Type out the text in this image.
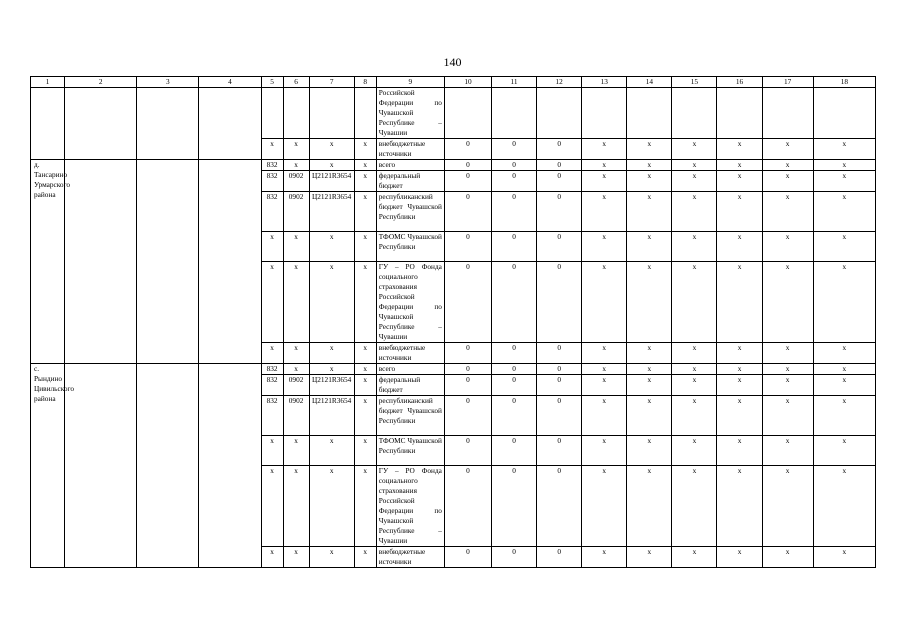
140
1	2	3	4	5	6	7	8	9	10	11	12	13	14	15	16	17	18
								Российской Федерации по Чувашской Республике – Чувашии									
				х	х	х	х	внебюджетные источники	0	0	0	х	х	х	х	х	х
д. Тансарино Урмарского района				832	х	х	х	всего	0	0	0	х	х	х	х	х	х
				832	0902	Ц2121R3654	х	федеральный бюджет	0	0	0	х	х	х	х	х	х
				832	0902	Ц2121R3654	х	республиканский бюджет Чувашской Республики	0	0	0	х	х	х	х	х	х
				х	х	х	х	ТФОМС Чувашской Республики	0	0	0	х	х	х	х	х	х
				х	х	х	х	ГУ – РО Фонда социального страхования Российской Федерации по Чувашской Республике – Чувашии	0	0	0	х	х	х	х	х	х
				х	х	х	х	внебюджетные источники	0	0	0	х	х	х	х	х	х
с. Рындино Цивильского района				832	х	х	х	всего	0	0	0	х	х	х	х	х	х
				832	0902	Ц2121R3654	х	федеральный бюджет	0	0	0	х	х	х	х	х	х
				832	0902	Ц2121R3654	х	республиканский бюджет Чувашской Республики	0	0	0	х	х	х	х	х	х
				х	х	х	х	ТФОМС Чувашской Республики	0	0	0	х	х	х	х	х	х
				х	х	х	х	ГУ – РО Фонда социального страхования Российской Федерации по Чувашской Республике – Чувашии	0	0	0	х	х	х	х	х	х
				х	х	х	х	внебюджетные источники	0	0	0	х	х	х	х	х	х
